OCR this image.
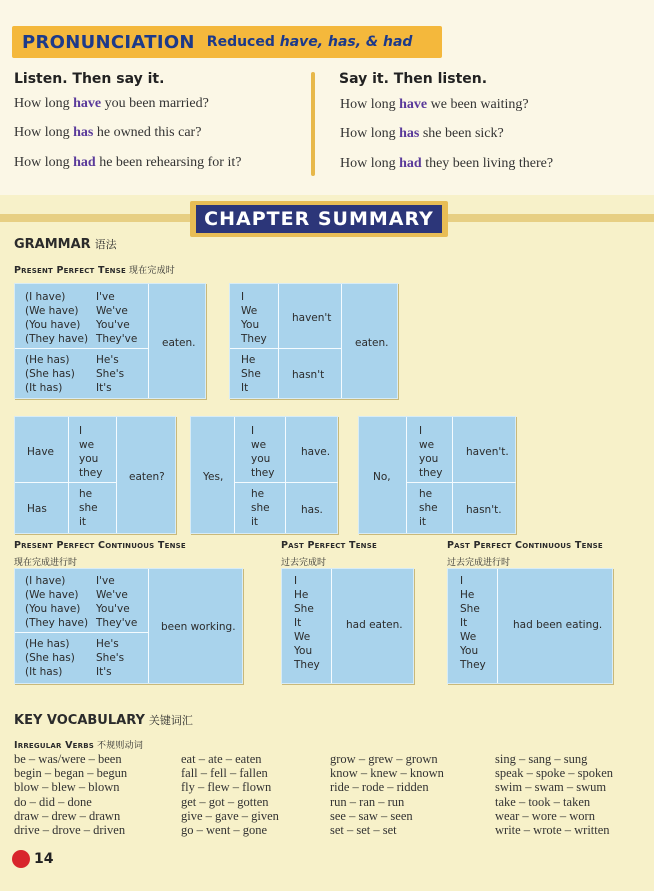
PRONUNCIATION Reduced have, has, & had
Listen. Then say it.	Say it. Then listen.
How long have you been married?
How long has he owned this car?
How long had he been rehearsing for it?
How long have we been waiting?
How long has she been sick?
How long had they been living there?
CHAPTER SUMMARY
GRAMMAR 语法
Present Perfect Tense 现在完成时
(I have)
(We have)
(You have)
(They have)
I've
We've
You've
They've
(He has)
(She has)
(It has)
He's
She's
It's
eaten.
I
We
You
They
haven't
He
She
It
hasn't
eaten.
Have
I
we
you
they
Has
he
she
it
eaten?	Yes,
I
we
you
they
have.
he
she
it
has.
No,
I
we
you
they
haven't.
he
she
it
hasn't.
Present Perfect Continuous Tense
现在完成进行时
(I have)
(We have)
(You have)
(They have)
I've
We've
You've
They've
(He has)
(She has)
(It has)
He's
She's
It's
been working.
Past Perfect Tense
过去完成时
I
He
She
It
We
You
They
had eaten.
Past Perfect Continuous Tense
过去完成进行时
I
He
She
It
We
You
They
had been eating.
KEY VOCABULARY 关键词汇
Irregular Verbs 不规则动词
be – was/were – been
begin – began – begun
blow – blew – blown
do – did – done
draw – drew – drawn
drive – drove – driven
eat – ate – eaten
fall – fell – fallen
fly – flew – flown
get – got – gotten
give – gave – given
go – went – gone
grow – grew – grown
know – knew – known
ride – rode – ridden
run – ran – run
see – saw – seen
set – set – set
sing – sang – sung
speak – spoke – spoken
swim – swam – swum
take – took – taken
wear – wore – worn
write – wrote – written
14
